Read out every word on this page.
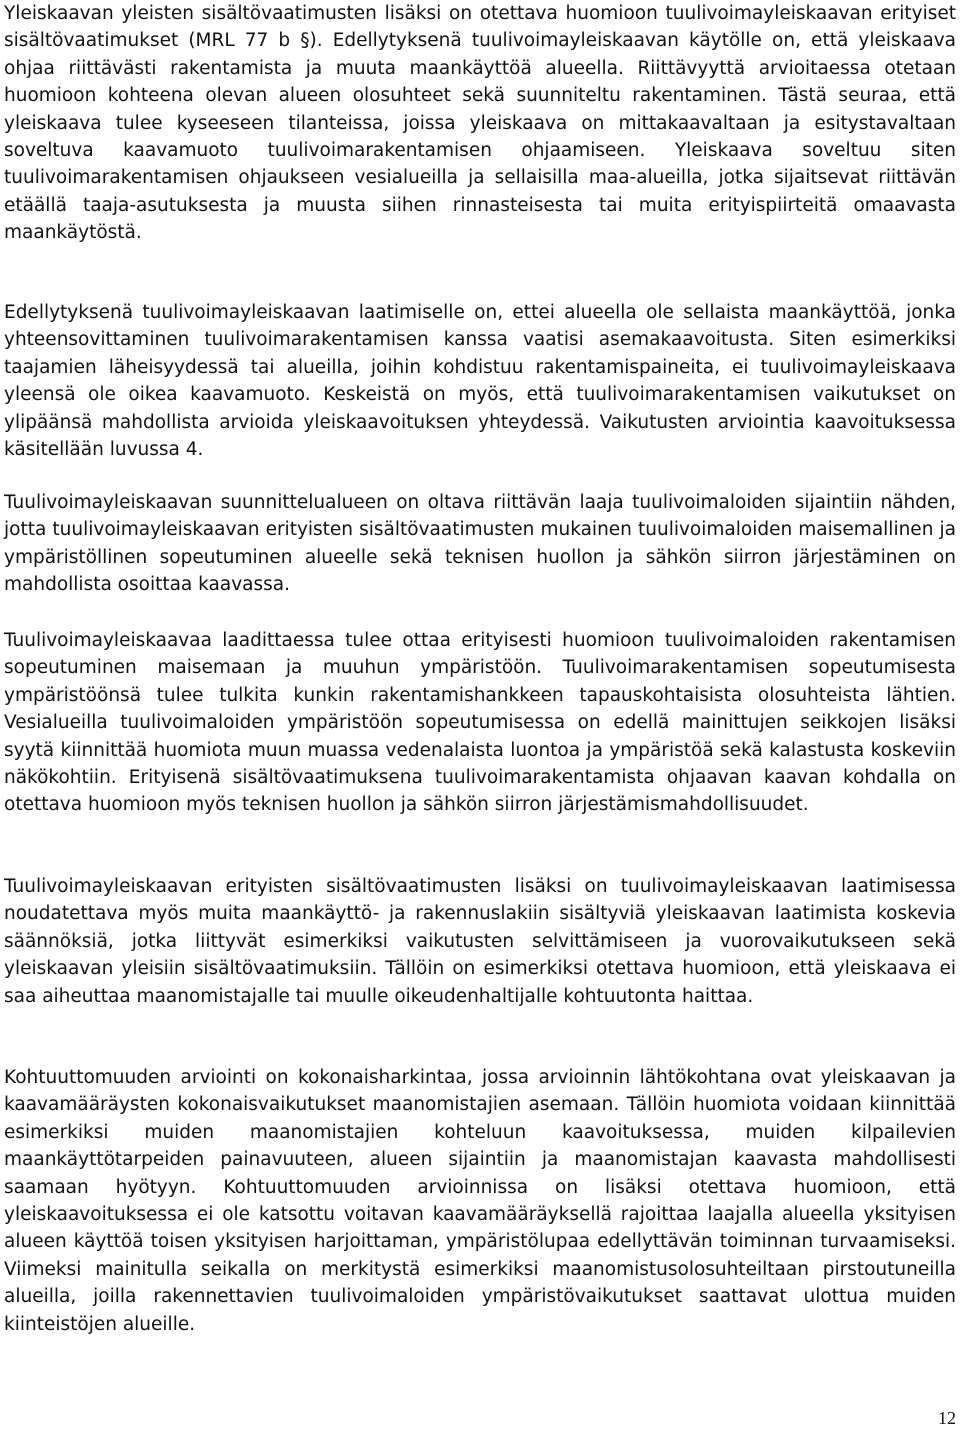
Yleiskaavan yleisten sisältövaatimusten lisäksi on otettava huomioon tuulivoimayleiskaavan erityiset sisältövaatimukset (MRL 77 b §). Edellytyksenä tuulivoimayleiskaavan käytölle on, että yleiskaava ohjaa riittävästi rakentamista ja muuta maankäyttöä alueella. Riittävyyttä arvioitaessa otetaan huomioon kohteena olevan alueen olosuhteet sekä suunniteltu rakentaminen. Tästä seuraa, että yleiskaava tulee kyseeseen tilanteissa, joissa yleiskaava on mittakaavaltaan ja esitystavaltaan soveltuva kaavamuoto tuulivoimarakentamisen ohjaamiseen. Yleiskaava soveltuu siten tuulivoimarakentamisen ohjaukseen vesialueilla ja sellaisilla maa-alueilla, jotka sijaitsevat riittävän etäällä taaja-asutuksesta ja muusta siihen rinnasteisesta tai muita erityispiirteitä omaavasta maankäytöstä.

Edellytyksenä tuulivoimayleiskaavan laatimiselle on, ettei alueella ole sellaista maankäyttöä, jonka yhteensovittaminen tuulivoimarakentamisen kanssa vaatisi asemakaavoitusta. Siten esimerkiksi taajamien läheisyydessä tai alueilla, joihin kohdistuu rakentamispaineita, ei tuulivoimayleiskaava yleensä ole oikea kaavamuoto. Keskeistä on myös, että tuulivoimarakentamisen vaikutukset on ylipäänsä mahdollista arvioida yleiskaavoituksen yhteydessä. Vaikutusten arviointia kaavoituksessa käsitellään luvussa 4.

Tuulivoimayleiskaavan suunnittelualueen on oltava riittävän laaja tuulivoimaloiden sijaintiin nähden, jotta tuulivoimayleiskaavan erityisten sisältövaatimusten mukainen tuulivoimaloiden maisemallinen ja ympäristöllinen sopeutuminen alueelle sekä teknisen huollon ja sähkön siirron järjestäminen on mahdollista osoittaa kaavassa.

Tuulivoimayleiskaavaa laadittaessa tulee ottaa erityisesti huomioon tuulivoimaloiden rakentamisen sopeutuminen maisemaan ja muuhun ympäristöön. Tuulivoimarakentamisen sopeutumisesta ympäristöönsä tulee tulkita kunkin rakentamishankkeen tapauskohtaisista olosuhteista lähtien. Vesialueilla tuulivoimaloiden ympäristöön sopeutumisessa on edellä mainittujen seikkojen lisäksi syytä kiinnittää huomiota muun muassa vedenalaista luontoa ja ympäristöä sekä kalastusta koskeviin näkökohtiin. Erityisenä sisältövaatimuksena tuulivoimarakentamista ohjaavan kaavan kohdalla on otettava huomioon myös teknisen huollon ja sähkön siirron järjestämismahdollisuudet.

Tuulivoimayleiskaavan erityisten sisältövaatimusten lisäksi on tuulivoimayleiskaavan laatimisessa noudatettava myös muita maankäyttö- ja rakennuslakiin sisältyviä yleiskaavan laatimista koskevia säännöksiä, jotka liittyvät esimerkiksi vaikutusten selvittämiseen ja vuorovaikutukseen sekä yleiskaavan yleisiin sisältövaatimuksiin. Tällöin on esimerkiksi otettava huomioon, että yleiskaava ei saa aiheuttaa maanomistajalle tai muulle oikeudenhaltijalle kohtuutonta haittaa.

Kohtuuttomuuden arviointi on kokonaisharkintaa, jossa arvioinnin lähtökohtana ovat yleiskaavan ja kaavamääräysten kokonaisvaikutukset maanomistajien asemaan. Tällöin huomiota voidaan kiinnittää esimerkiksi muiden maanomistajien kohteluun kaavoituksessa, muiden kilpailevien maankäyttötarpeiden painavuuteen, alueen sijaintiin ja maanomistajan kaavasta mahdollisesti saamaan hyötyyn. Kohtuuttomuuden arvioinnissa on lisäksi otettava huomioon, että yleiskaavoituksessa ei ole katsottu voitavan kaavamääräyksellä rajoittaa laajalla alueella yksityisen alueen käyttöä toisen yksityisen harjoittaman, ympäristölupaa edellyttävän toiminnan turvaamiseksi. Viimeksi mainitulla seikalla on merkitystä esimerkiksi maanomistusolosuhteiltaan pirstoutuneilla alueilla, joilla rakennettavien tuulivoimaloiden ympäristövaikutukset saattavat ulottua muiden kiinteistöjen alueille.

12
